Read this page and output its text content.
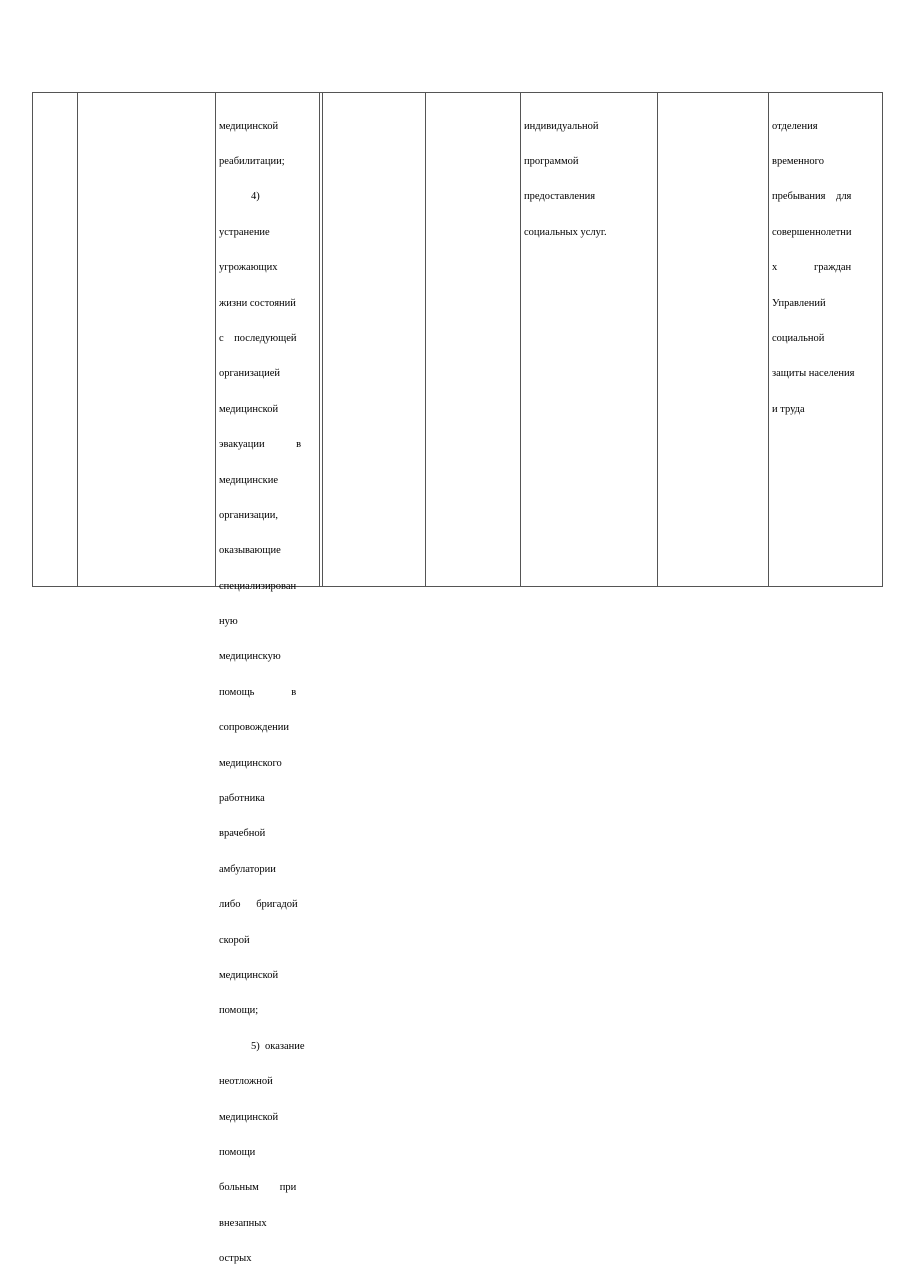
медицинской

реабилитации;

4)

устранение

угрожающих

жизни состояний

с    последующей

организацией

медицинской

эвакуации            в

медицинские

организации,

оказывающие

специализирован

ную

медицинскую

помощь              в

сопровождении

медицинского

работника

врачебной

амбулатории

либо      бригадой

скорой

медицинской

помощи;

5)  оказание

неотложной

медицинской

помощи

больным        при

внезапных

острых

индивидуальной

программой

предоставления

социальных услуг.

отделения

временного

пребывания    для

совершеннолетни

х              граждан

Управлений

социальной

защиты населения

и труда
